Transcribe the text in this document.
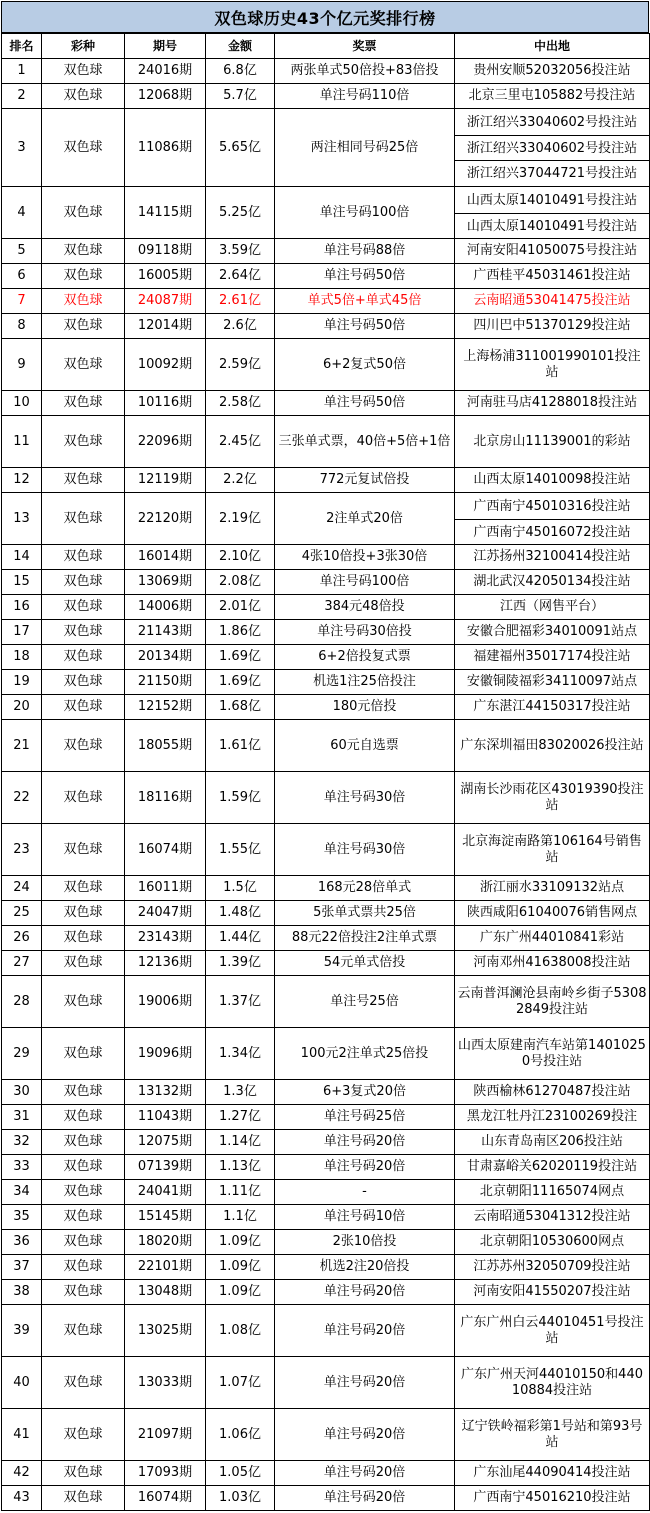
双色球历史43个亿元奖排行榜
排名	彩种	期号	金额	奖票	中出地
1	双色球	24016期	6.8亿	两张单式50倍投+83倍投	贵州安顺52032056投注站
2	双色球	12068期	5.7亿	单注号码110倍	北京三里屯105882号投注站
3	双色球	11086期	5.65亿	两注相同号码25倍	浙江绍兴33040602号投注站
浙江绍兴33040602号投注站
浙江绍兴37044721号投注站

4	双色球	14115期	5.25亿	单注号码100倍	山西太原14010491号投注站
山西太原14010491号投注站

5	双色球	09118期	3.59亿	单注号码88倍	河南安阳41050075号投注站
6	双色球	16005期	2.64亿	单注号码50倍	广西桂平45031461投注站
7	双色球	24087期	2.61亿	单式5倍+单式45倍	云南昭通53041475投注站
8	双色球	12014期	2.6亿	单注号码50倍	四川巴中51370129投注站
9	双色球	10092期	2.59亿	6+2复式50倍	上海杨浦311001990101投注站
10	双色球	10116期	2.58亿	单注号码50倍	河南驻马店41288018投注站
11	双色球	22096期	2.45亿	三张单式票，40倍+5倍+1倍	北京房山11139001的彩站
12	双色球	12119期	2.2亿	772元复试倍投	山西太原14010098投注站
13	双色球	22120期	2.19亿	2注单式20倍	广西南宁45010316投注站
广西南宁45016072投注站

14	双色球	16014期	2.10亿	4张10倍投+3张30倍	江苏扬州32100414投注站
15	双色球	13069期	2.08亿	单注号码100倍	湖北武汉42050134投注站
16	双色球	14006期	2.01亿	384元48倍投	江西（网售平台）
17	双色球	21143期	1.86亿	单注号码30倍投	安徽合肥福彩34010091站点
18	双色球	20134期	1.69亿	6+2倍投复式票	福建福州35017174投注站
19	双色球	21150期	1.69亿	机选1注25倍投注	安徽铜陵福彩34110097站点
20	双色球	12152期	1.68亿	180元倍投	广东湛江44150317投注站
21	双色球	18055期	1.61亿	60元自选票	广东深圳福田83020026投注站
22	双色球	18116期	1.59亿	单注号码30倍	湖南长沙雨花区43019390投注站
23	双色球	16074期	1.55亿	单注号码30倍	北京海淀南路第106164号销售站
24	双色球	16011期	1.5亿	168元28倍单式	浙江丽水33109132站点
25	双色球	24047期	1.48亿	5张单式票共25倍	陕西咸阳61040076销售网点
26	双色球	23143期	1.44亿	88元22倍投注2注单式票	广东广州44010841彩站
27	双色球	12136期	1.39亿	54元单式倍投	河南邓州41638008投注站
28	双色球	19006期	1.37亿	单注号25倍	云南普洱澜沧县南岭乡街子53082849投注站
29	双色球	19096期	1.34亿	100元2注单式25倍投	山西太原建南汽车站第14010250号投注站
30	双色球	13132期	1.3亿	6+3复式20倍	陕西榆林61270487投注站
31	双色球	11043期	1.27亿	单注号码25倍	黑龙江牡丹江23100269投注
32	双色球	12075期	1.14亿	单注号码20倍	山东青岛南区206投注站
33	双色球	07139期	1.13亿	单注号码20倍	甘肃嘉峪关62020119投注站
34	双色球	24041期	1.11亿	-	北京朝阳11165074网点
35	双色球	15145期	1.1亿	单注号码10倍	云南昭通53041312投注站
36	双色球	18020期	1.09亿	2张10倍投	北京朝阳10530600网点
37	双色球	22101期	1.09亿	机选2注20倍投	江苏苏州32050709投注站
38	双色球	13048期	1.09亿	单注号码20倍	河南安阳41550207投注站
39	双色球	13025期	1.08亿	单注号码20倍	广东广州白云44010451号投注站
40	双色球	13033期	1.07亿	单注号码20倍	广东广州天河44010150和44010884投注站
41	双色球	21097期	1.06亿	单注号码20倍	辽宁铁岭福彩第1号站和第93号站
42	双色球	17093期	1.05亿	单注号码20倍	广东汕尾44090414投注站
43	双色球	16074期	1.03亿	单注号码20倍	广西南宁45016210投注站
